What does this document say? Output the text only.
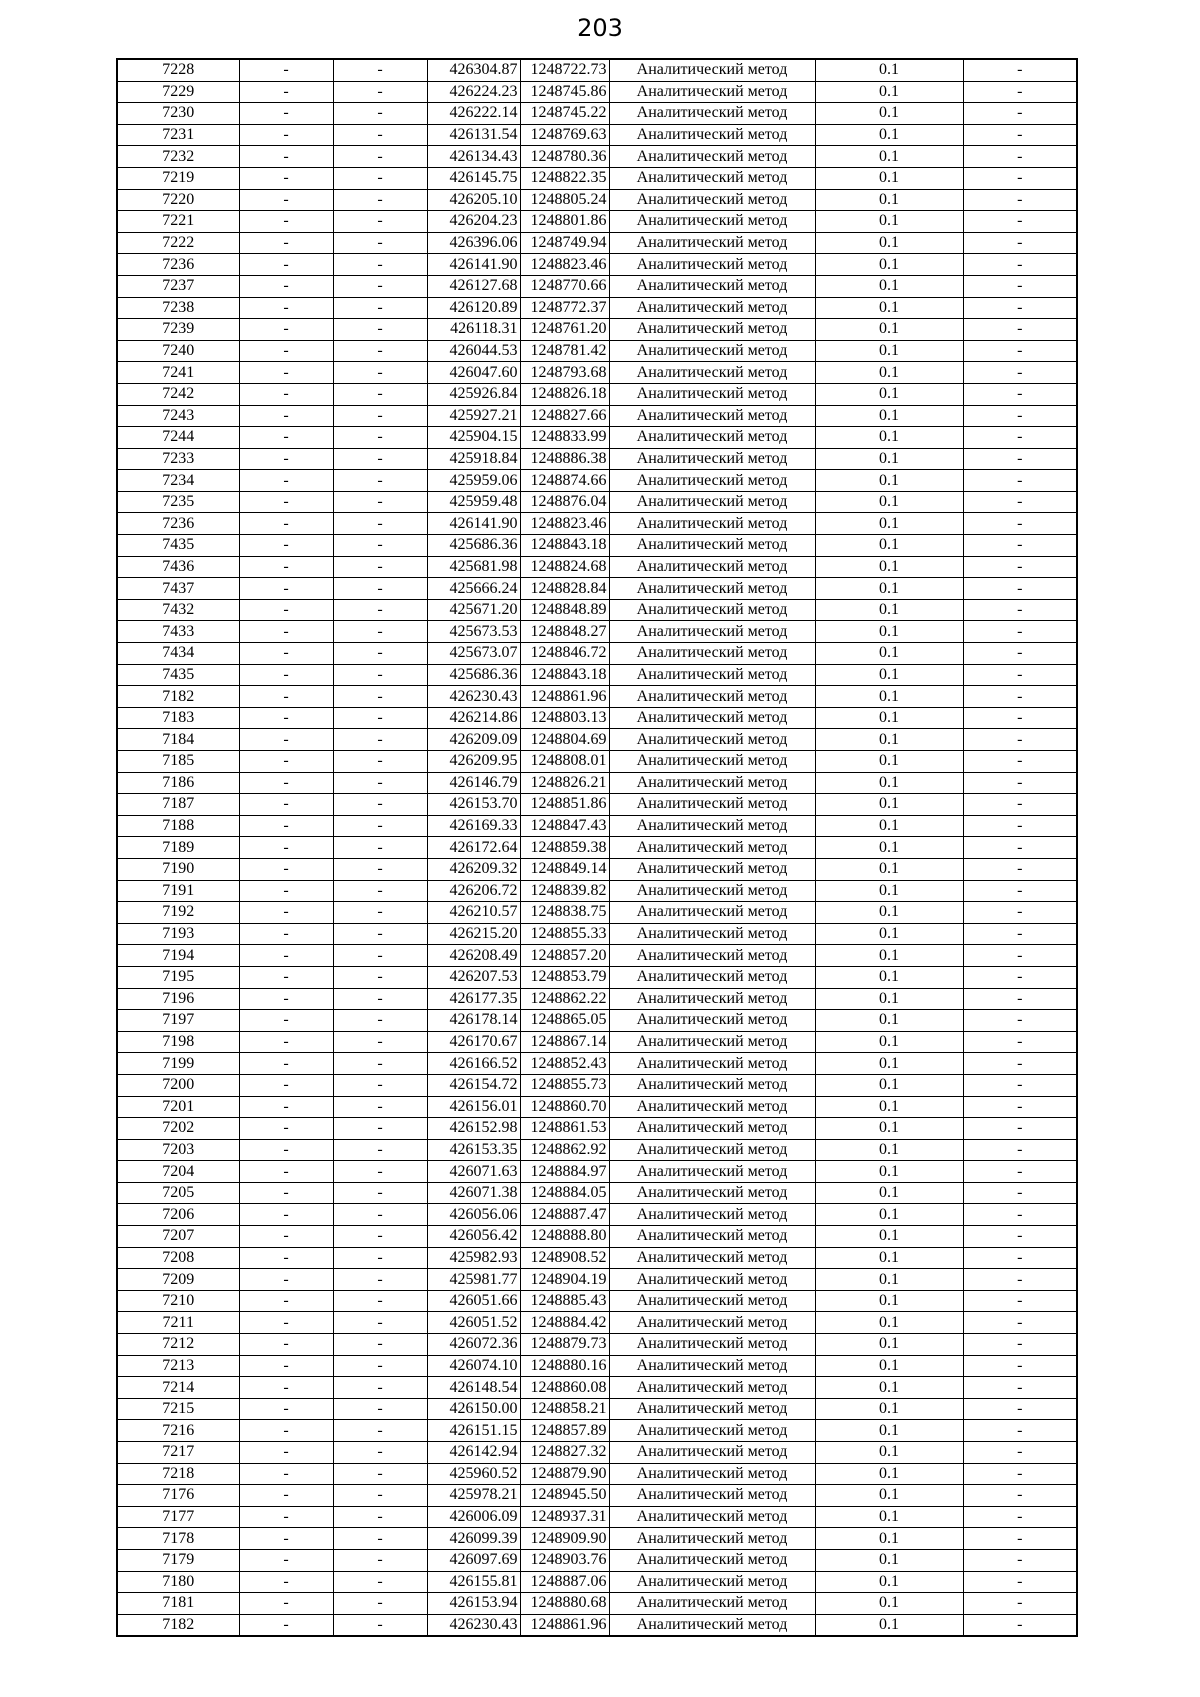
203
7228	-	-	426304.87	1248722.73	Аналитический метод	0.1	-
7229	-	-	426224.23	1248745.86	Аналитический метод	0.1	-
7230	-	-	426222.14	1248745.22	Аналитический метод	0.1	-
7231	-	-	426131.54	1248769.63	Аналитический метод	0.1	-
7232	-	-	426134.43	1248780.36	Аналитический метод	0.1	-
7219	-	-	426145.75	1248822.35	Аналитический метод	0.1	-
7220	-	-	426205.10	1248805.24	Аналитический метод	0.1	-
7221	-	-	426204.23	1248801.86	Аналитический метод	0.1	-
7222	-	-	426396.06	1248749.94	Аналитический метод	0.1	-
7236	-	-	426141.90	1248823.46	Аналитический метод	0.1	-
7237	-	-	426127.68	1248770.66	Аналитический метод	0.1	-
7238	-	-	426120.89	1248772.37	Аналитический метод	0.1	-
7239	-	-	426118.31	1248761.20	Аналитический метод	0.1	-
7240	-	-	426044.53	1248781.42	Аналитический метод	0.1	-
7241	-	-	426047.60	1248793.68	Аналитический метод	0.1	-
7242	-	-	425926.84	1248826.18	Аналитический метод	0.1	-
7243	-	-	425927.21	1248827.66	Аналитический метод	0.1	-
7244	-	-	425904.15	1248833.99	Аналитический метод	0.1	-
7233	-	-	425918.84	1248886.38	Аналитический метод	0.1	-
7234	-	-	425959.06	1248874.66	Аналитический метод	0.1	-
7235	-	-	425959.48	1248876.04	Аналитический метод	0.1	-
7236	-	-	426141.90	1248823.46	Аналитический метод	0.1	-
7435	-	-	425686.36	1248843.18	Аналитический метод	0.1	-
7436	-	-	425681.98	1248824.68	Аналитический метод	0.1	-
7437	-	-	425666.24	1248828.84	Аналитический метод	0.1	-
7432	-	-	425671.20	1248848.89	Аналитический метод	0.1	-
7433	-	-	425673.53	1248848.27	Аналитический метод	0.1	-
7434	-	-	425673.07	1248846.72	Аналитический метод	0.1	-
7435	-	-	425686.36	1248843.18	Аналитический метод	0.1	-
7182	-	-	426230.43	1248861.96	Аналитический метод	0.1	-
7183	-	-	426214.86	1248803.13	Аналитический метод	0.1	-
7184	-	-	426209.09	1248804.69	Аналитический метод	0.1	-
7185	-	-	426209.95	1248808.01	Аналитический метод	0.1	-
7186	-	-	426146.79	1248826.21	Аналитический метод	0.1	-
7187	-	-	426153.70	1248851.86	Аналитический метод	0.1	-
7188	-	-	426169.33	1248847.43	Аналитический метод	0.1	-
7189	-	-	426172.64	1248859.38	Аналитический метод	0.1	-
7190	-	-	426209.32	1248849.14	Аналитический метод	0.1	-
7191	-	-	426206.72	1248839.82	Аналитический метод	0.1	-
7192	-	-	426210.57	1248838.75	Аналитический метод	0.1	-
7193	-	-	426215.20	1248855.33	Аналитический метод	0.1	-
7194	-	-	426208.49	1248857.20	Аналитический метод	0.1	-
7195	-	-	426207.53	1248853.79	Аналитический метод	0.1	-
7196	-	-	426177.35	1248862.22	Аналитический метод	0.1	-
7197	-	-	426178.14	1248865.05	Аналитический метод	0.1	-
7198	-	-	426170.67	1248867.14	Аналитический метод	0.1	-
7199	-	-	426166.52	1248852.43	Аналитический метод	0.1	-
7200	-	-	426154.72	1248855.73	Аналитический метод	0.1	-
7201	-	-	426156.01	1248860.70	Аналитический метод	0.1	-
7202	-	-	426152.98	1248861.53	Аналитический метод	0.1	-
7203	-	-	426153.35	1248862.92	Аналитический метод	0.1	-
7204	-	-	426071.63	1248884.97	Аналитический метод	0.1	-
7205	-	-	426071.38	1248884.05	Аналитический метод	0.1	-
7206	-	-	426056.06	1248887.47	Аналитический метод	0.1	-
7207	-	-	426056.42	1248888.80	Аналитический метод	0.1	-
7208	-	-	425982.93	1248908.52	Аналитический метод	0.1	-
7209	-	-	425981.77	1248904.19	Аналитический метод	0.1	-
7210	-	-	426051.66	1248885.43	Аналитический метод	0.1	-
7211	-	-	426051.52	1248884.42	Аналитический метод	0.1	-
7212	-	-	426072.36	1248879.73	Аналитический метод	0.1	-
7213	-	-	426074.10	1248880.16	Аналитический метод	0.1	-
7214	-	-	426148.54	1248860.08	Аналитический метод	0.1	-
7215	-	-	426150.00	1248858.21	Аналитический метод	0.1	-
7216	-	-	426151.15	1248857.89	Аналитический метод	0.1	-
7217	-	-	426142.94	1248827.32	Аналитический метод	0.1	-
7218	-	-	425960.52	1248879.90	Аналитический метод	0.1	-
7176	-	-	425978.21	1248945.50	Аналитический метод	0.1	-
7177	-	-	426006.09	1248937.31	Аналитический метод	0.1	-
7178	-	-	426099.39	1248909.90	Аналитический метод	0.1	-
7179	-	-	426097.69	1248903.76	Аналитический метод	0.1	-
7180	-	-	426155.81	1248887.06	Аналитический метод	0.1	-
7181	-	-	426153.94	1248880.68	Аналитический метод	0.1	-
7182	-	-	426230.43	1248861.96	Аналитический метод	0.1	-
